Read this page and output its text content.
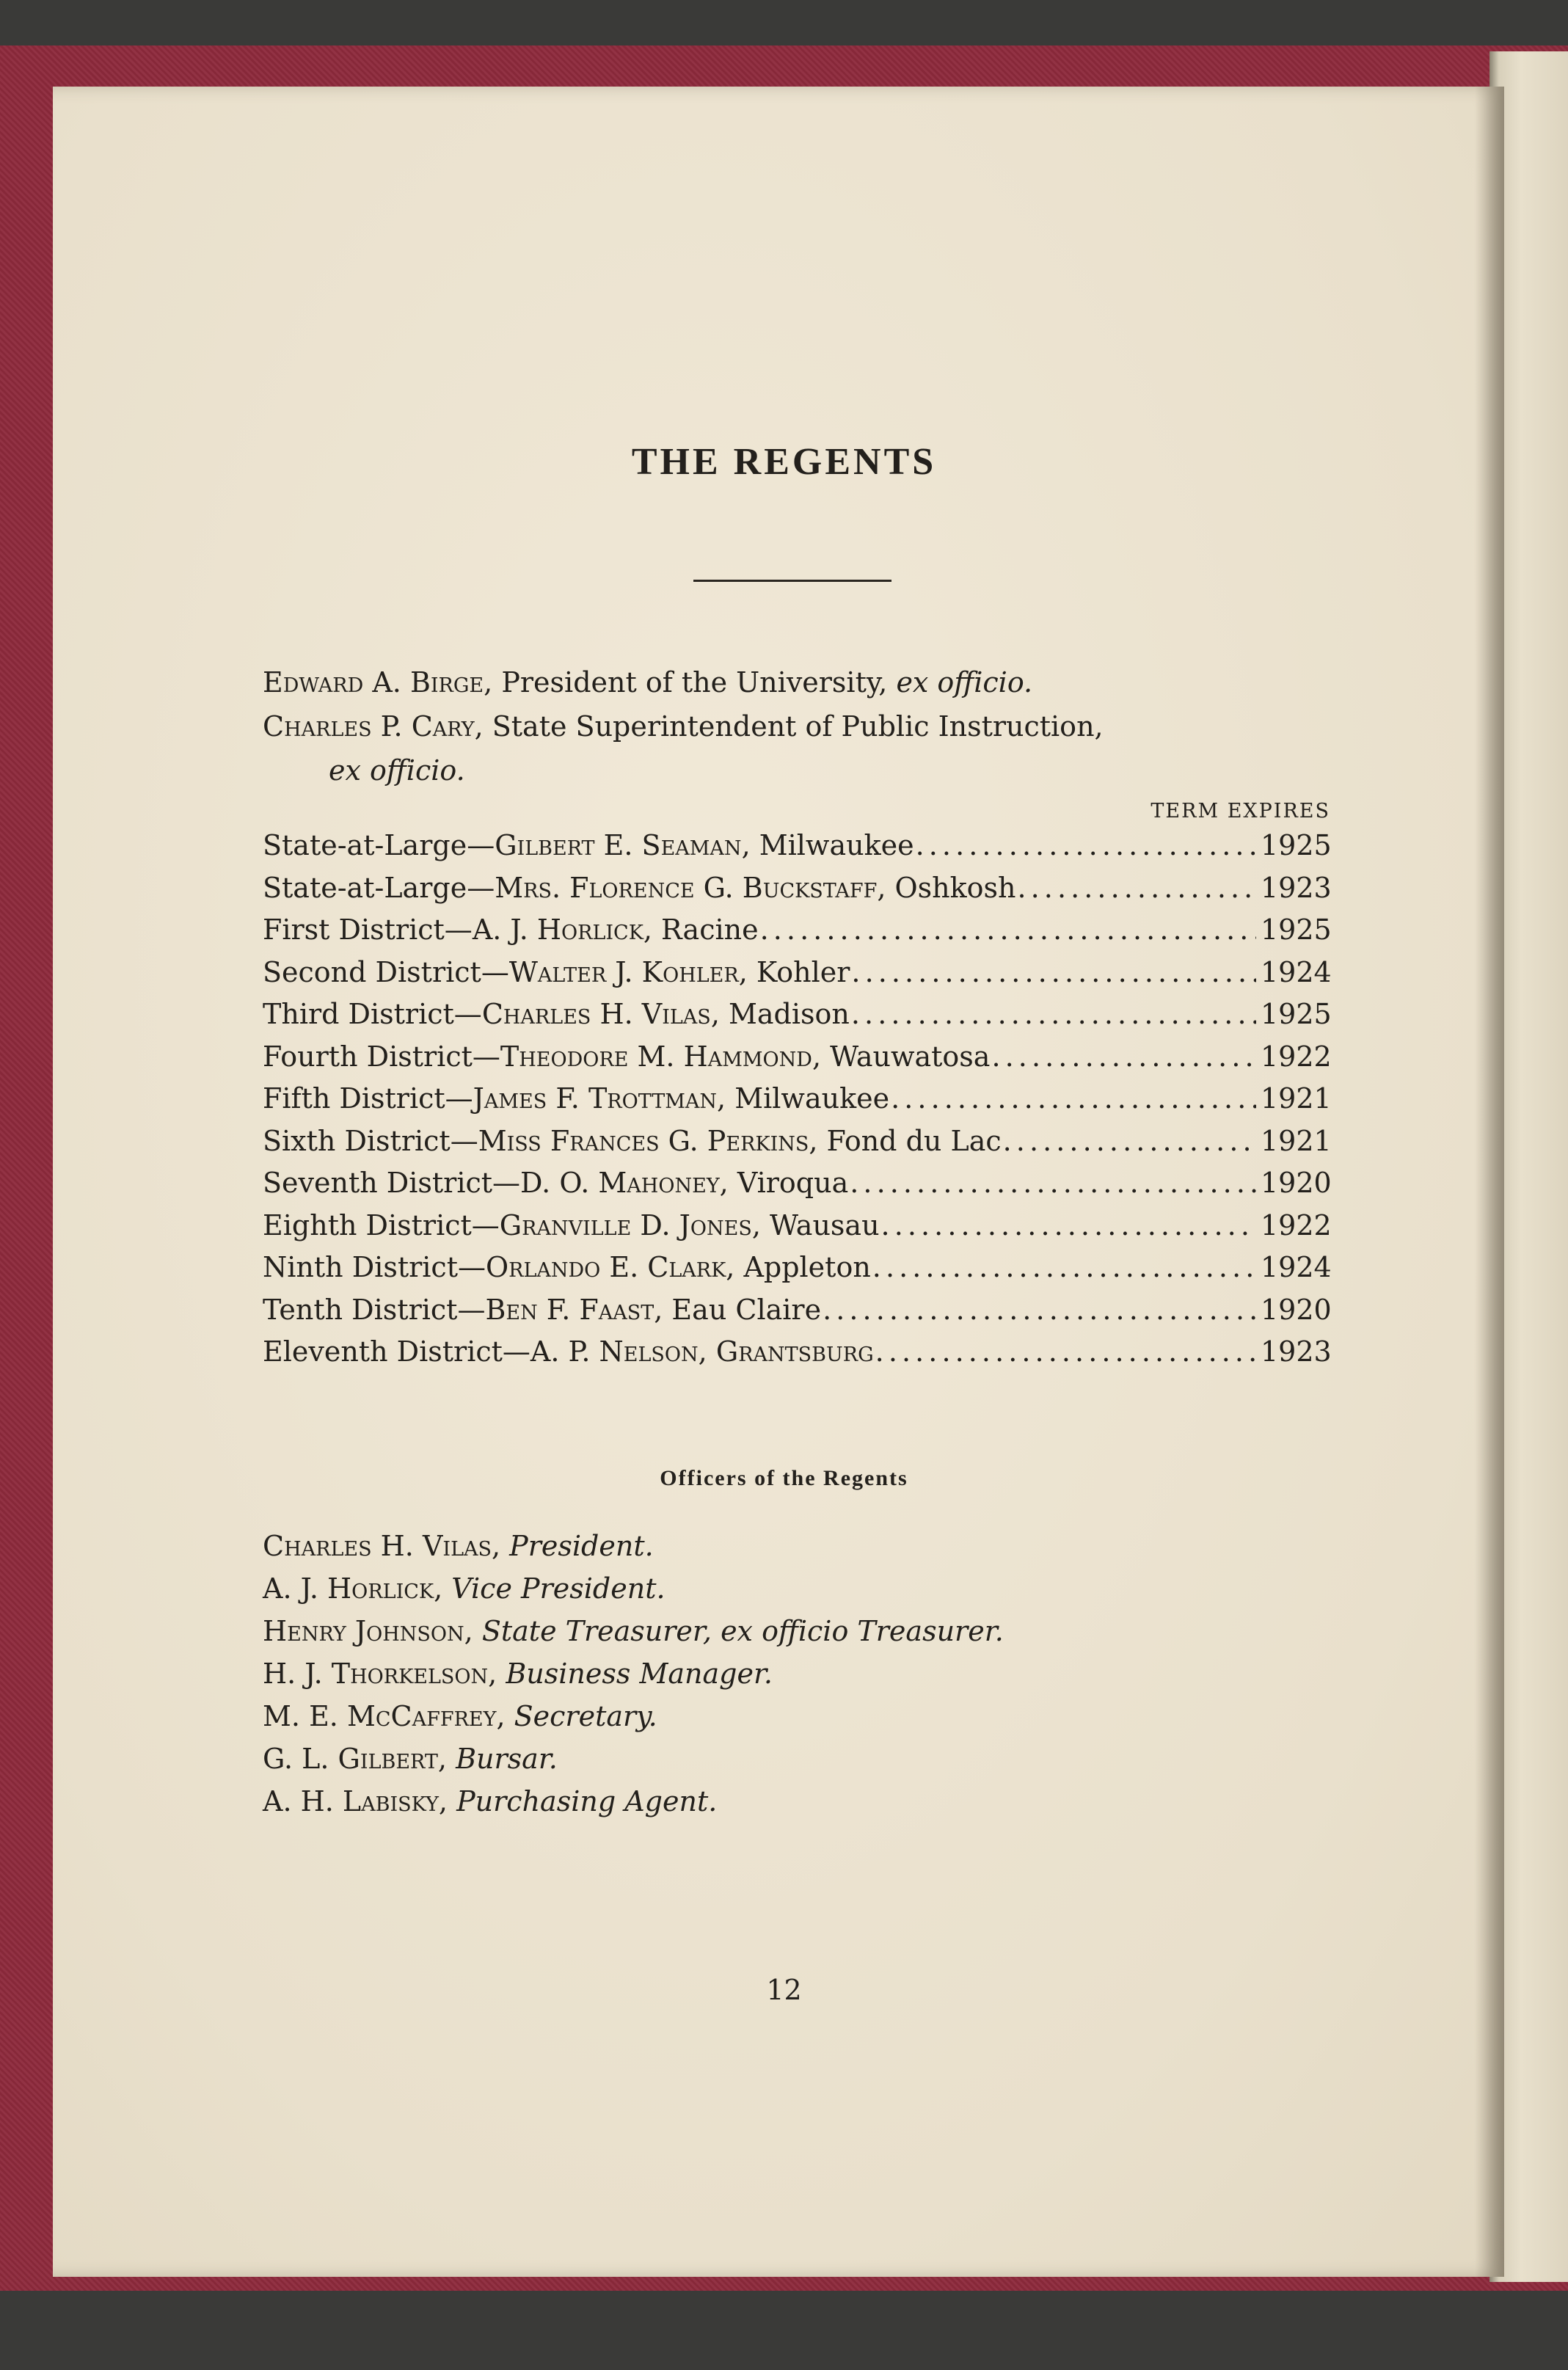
THE REGENTS
Edward A. Birge, President of the University, ex officio.
Charles P. Cary, State Superintendent of Public Instruction,
ex officio.
TERM EXPIRES
State-at-Large—Gilbert E. Seaman, Milwaukee . . .	1925
State-at-Large—Mrs. Florence G. Buckstaff, Oshkosh . . .	1923
First District—A. J. Horlick, Racine . . .	1925
Second District—Walter J. Kohler, Kohler . . .	1924
Third District—Charles H. Vilas, Madison . . .	1925
Fourth District—Theodore M. Hammond, Wauwatosa . . .	1922
Fifth District—James F. Trottman, Milwaukee . . .	1921
Sixth District—Miss Frances G. Perkins, Fond du Lac . . .	1921
Seventh District—D. O. Mahoney, Viroqua . . .	1920
Eighth District—Granville D. Jones, Wausau . . .	1922
Ninth District—Orlando E. Clark, Appleton . . .	1924
Tenth District—Ben F. Faast, Eau Claire . . .	1920
Eleventh District—A. P. Nelson, Grantsburg . . .	1923
Officers of the Regents
Charles H. Vilas, President.
A. J. Horlick, Vice President.
Henry Johnson, State Treasurer, ex officio Treasurer.
H. J. Thorkelson, Business Manager.
M. E. McCaffrey, Secretary.
G. L. Gilbert, Bursar.
A. H. Labisky, Purchasing Agent.
12
